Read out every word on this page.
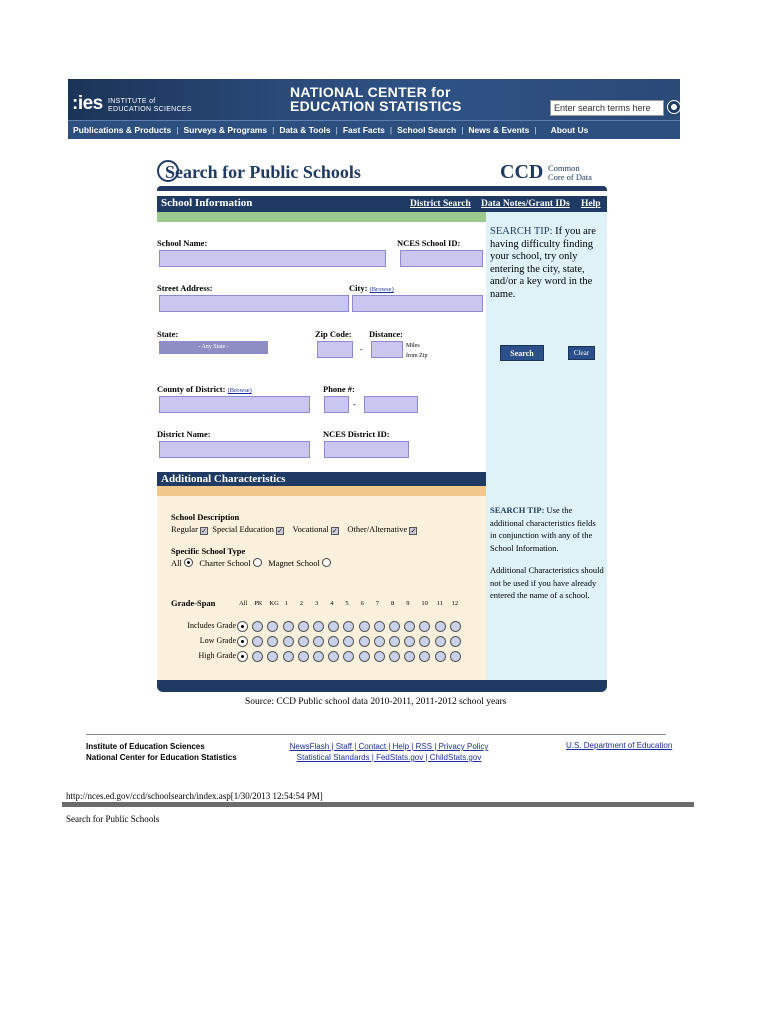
:ies INSTITUTE of
EDUCATION SCIENCES
NATIONAL CENTER for
EDUCATION STATISTICS	Enter search terms here
Publications & Products | Surveys & Programs | Data & Tools | Fast Facts | School Search | News & Events |	About Us
Search for Public Schools	CCD Common
Core of Data
School Information	District Search Data Notes/Grant IDs Help
SEARCH TIP: If you are having difficulty finding your school, try only entering the city, state, and/or a key word in the name.
Search	Clear
SEARCH TIP: Use the additional characteristics fields in conjunction with any of the School Information.
Additional Characteristics should not be used if you have already entered the name of a school.
School Name:	NCES School ID:
Street Address:	City: (Browse)
State:
- Any State -
Zip Code:
-
Distance:
Miles
from Zip
County of District: (Browse)	Phone #:
-
District Name:	NCES District ID:
Additional Characteristics
School Description
Regular ✓ Special Education ✓ Vocational ✓ Other/Alternative ✓
Specific School Type
All Charter School Magnet School
Grade-Span	All PK KG 1 2 3 4 5 6 7 8 9 10 11 12
Includes Grade
Low Grade
High Grade
Source: CCD Public school data 2010-2011, 2011-2012 school years
Institute of Education Sciences
National Center for Education Statistics
NewsFlash | Staff | Contact | Help | RSS | Privacy Policy
Statistical Standards | FedStats.gov | ChildStats.gov
U.S. Department of Education
http://nces.ed.gov/ccd/schoolsearch/index.asp[1/30/2013 12:54:54 PM]
Search for Public Schools
